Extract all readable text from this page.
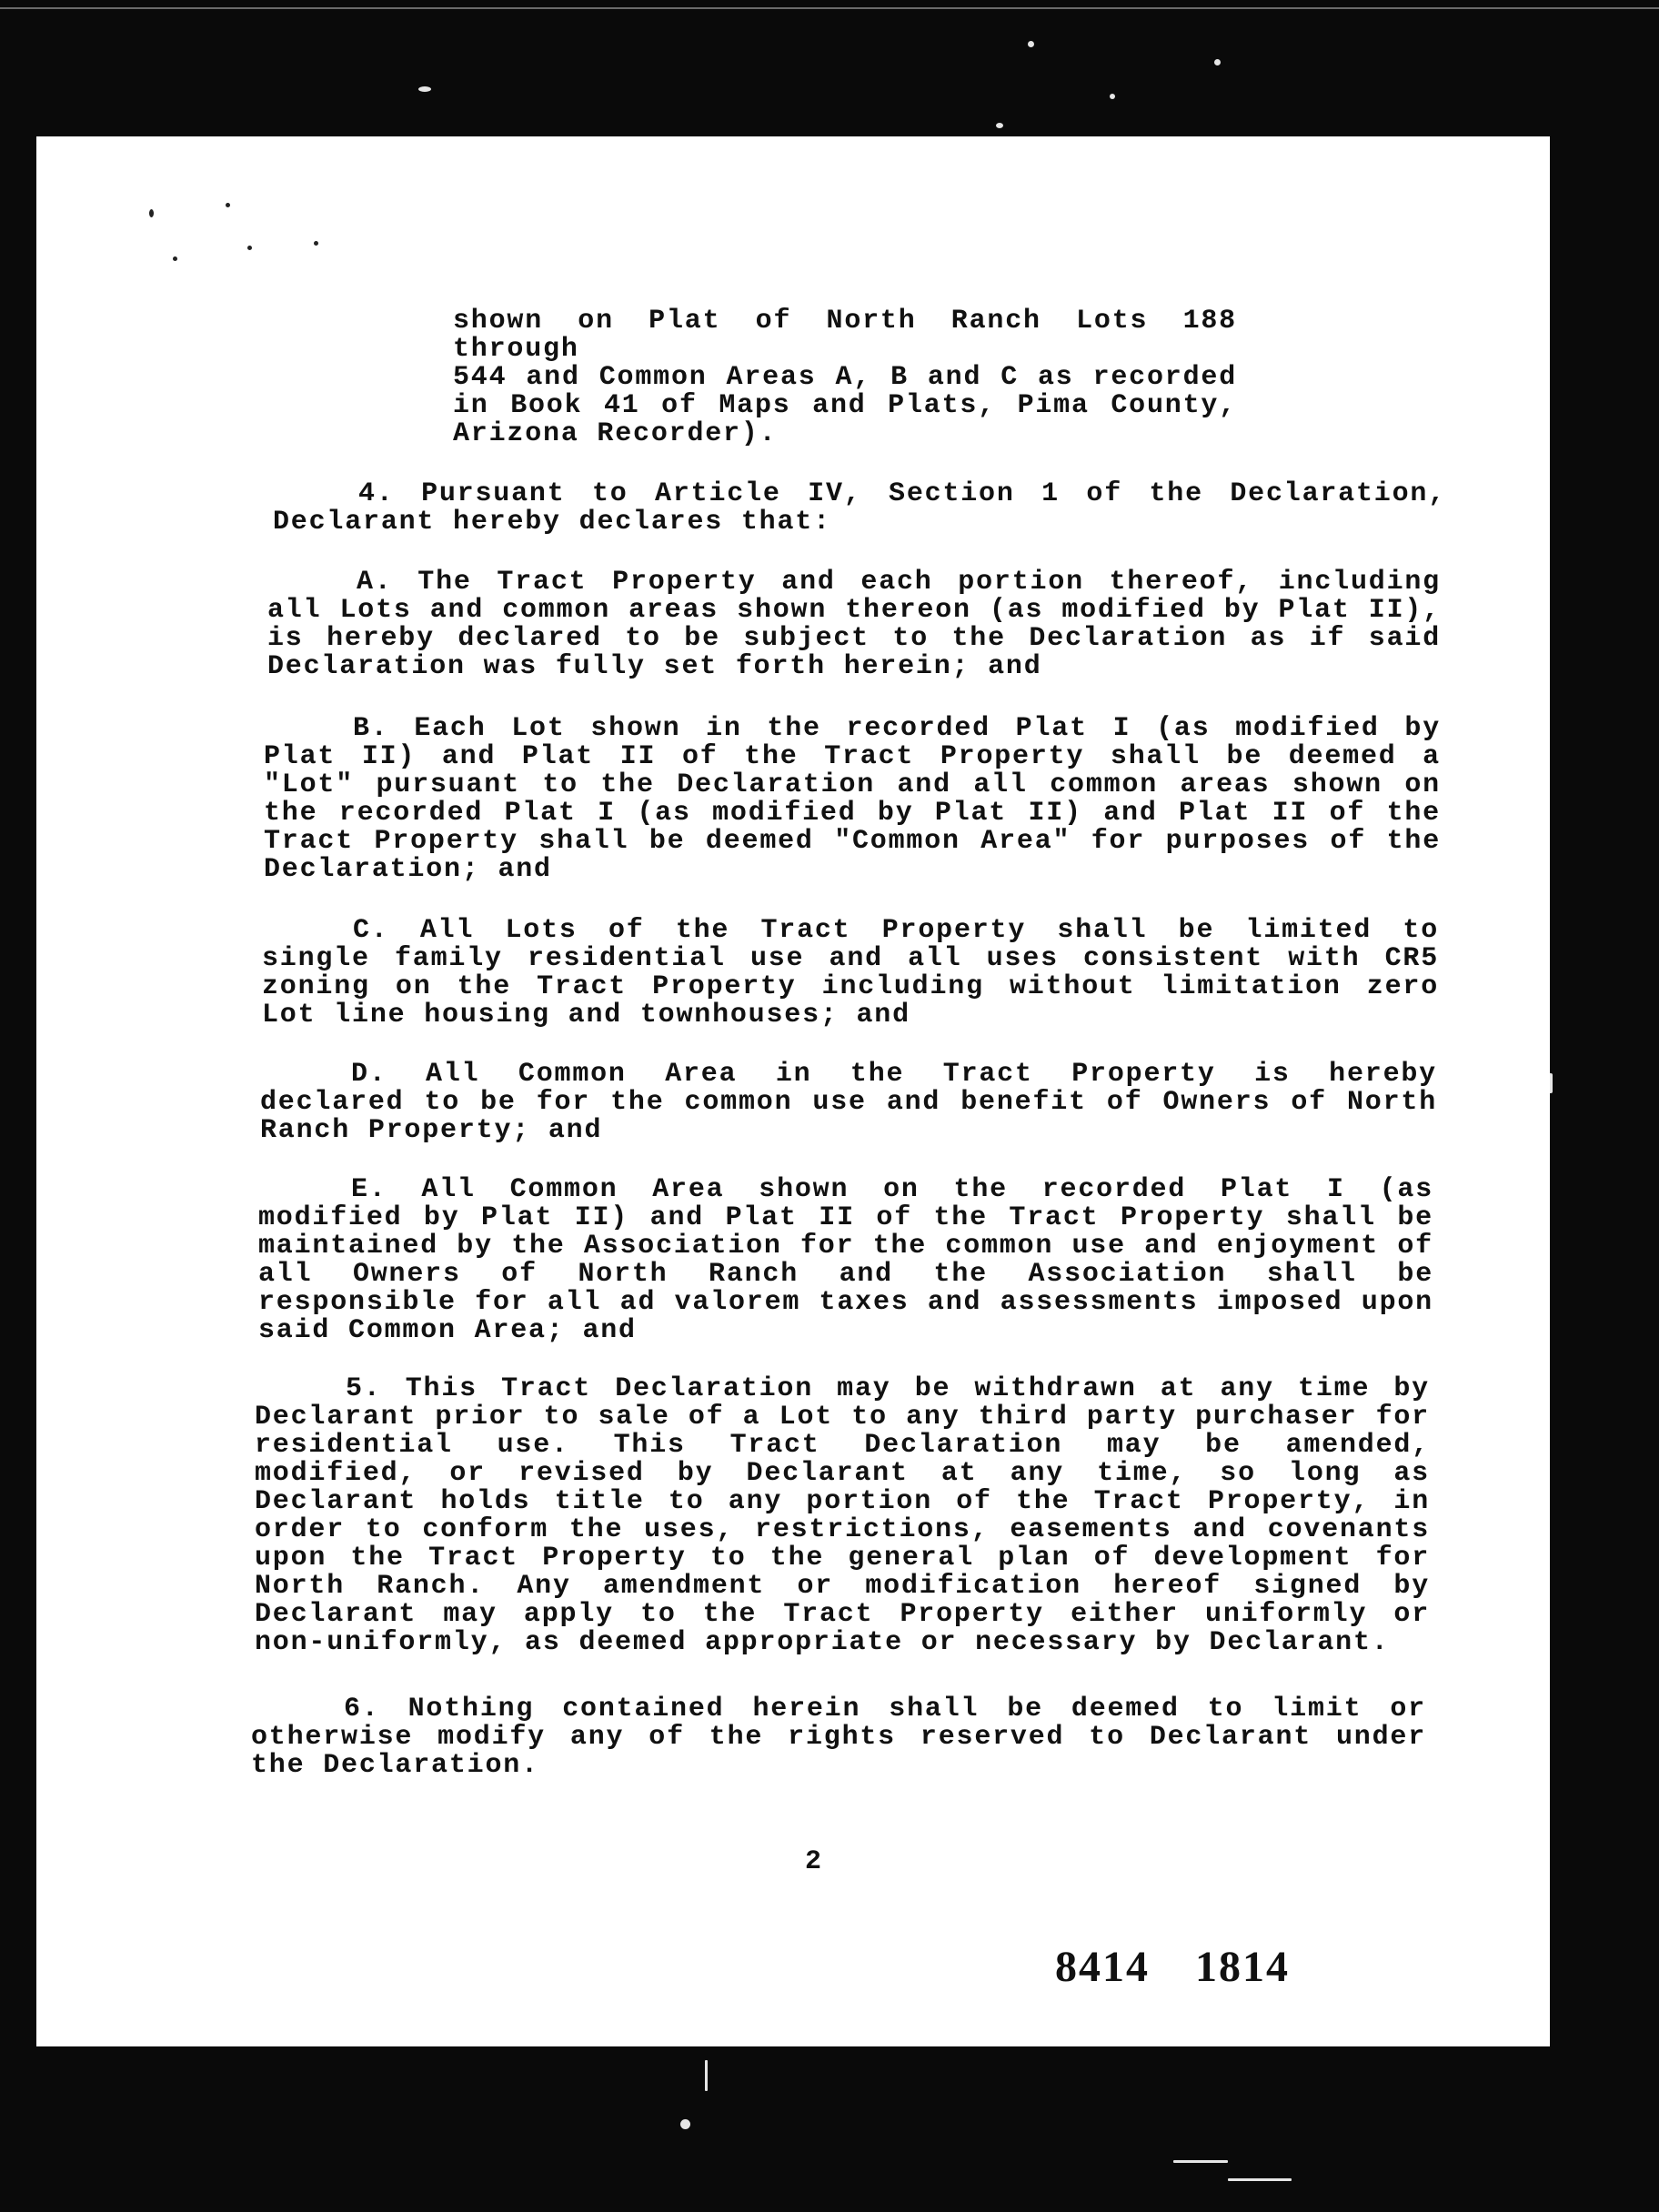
shown on Plat of North Ranch Lots 188 through
544 and Common Areas A, B and C as recorded
in Book 41 of Maps and Plats, Pima County,
Arizona Recorder).
4. Pursuant to Article IV, Section 1 of the Declaration,
Declarant hereby declares that:
A. The Tract Property and each portion thereof, including
all Lots and common areas shown thereon (as modified by Plat II),
is hereby declared to be subject to the Declaration as if said
Declaration was fully set forth herein; and
B. Each Lot shown in the recorded Plat I (as modified by
Plat II) and Plat II of the Tract Property shall be deemed a
"Lot" pursuant to the Declaration and all common areas shown on
the recorded Plat I (as modified by Plat II) and Plat II of the
Tract Property shall be deemed "Common Area" for purposes of the
Declaration; and
C. All Lots of the Tract Property shall be limited to
single family residential use and all uses consistent with CR5
zoning on the Tract Property including without limitation zero
Lot line housing and townhouses; and
D. All Common Area in the Tract Property is hereby
declared to be for the common use and benefit of Owners of North
Ranch Property; and
E. All Common Area shown on the recorded Plat I (as
modified by Plat II) and Plat II of the Tract Property shall be
maintained by the Association for the common use and enjoyment of
all Owners of North Ranch and the Association shall be
responsible for all ad valorem taxes and assessments imposed upon
said Common Area; and
5. This Tract Declaration may be withdrawn at any time by
Declarant prior to sale of a Lot to any third party purchaser for
residential use. This Tract Declaration may be amended,
modified, or revised by Declarant at any time, so long as
Declarant holds title to any portion of the Tract Property, in
order to conform the uses, restrictions, easements and covenants
upon the Tract Property to the general plan of development for
North Ranch. Any amendment or modification hereof signed by
Declarant may apply to the Tract Property either uniformly or
non-uniformly, as deemed appropriate or necessary by Declarant.
6. Nothing contained herein shall be deemed to limit or
otherwise modify any of the rights reserved to Declarant under
the Declaration.
2
8414 1814
